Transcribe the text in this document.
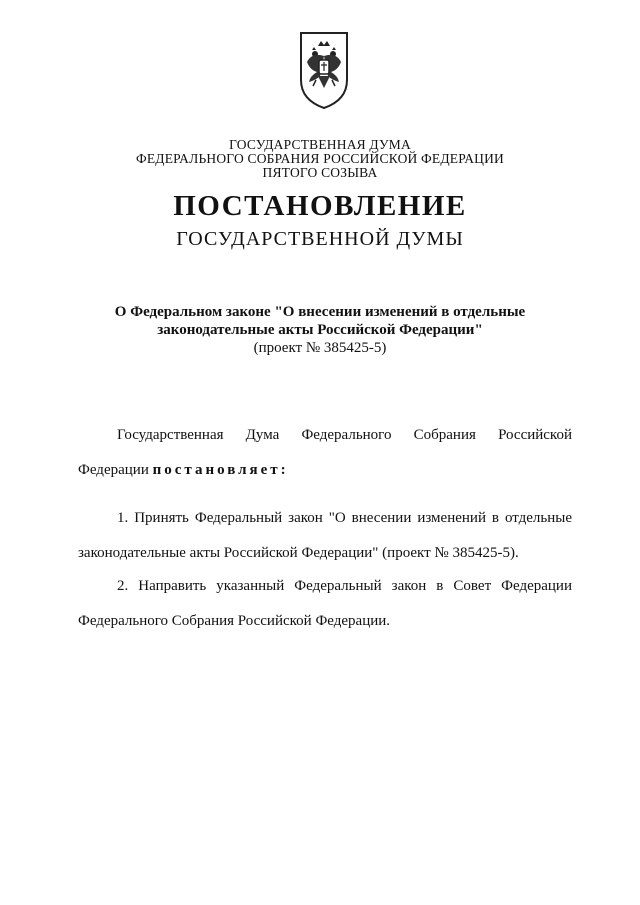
ГОСУДАРСТВЕННАЯ ДУМА
ФЕДЕРАЛЬНОГО СОБРАНИЯ РОССИЙСКОЙ ФЕДЕРАЦИИ
ПЯТОГО СОЗЫВА
ПОСТАНОВЛЕНИЕ
ГОСУДАРСТВЕННОЙ ДУМЫ
О Федеральном законе "О внесении изменений в отдельные
законодательные акты Российской Федерации"
(проект № 385425-5)
Государственная Дума Федерального Собрания Российской
Федерации постановляет:
1. Принять Федеральный закон "О внесении изменений в отдельные
законодательные акты Российской Федерации" (проект № 385425-5).
2. Направить указанный Федеральный закон в Совет Федерации
Федерального Собрания Российской Федерации.
